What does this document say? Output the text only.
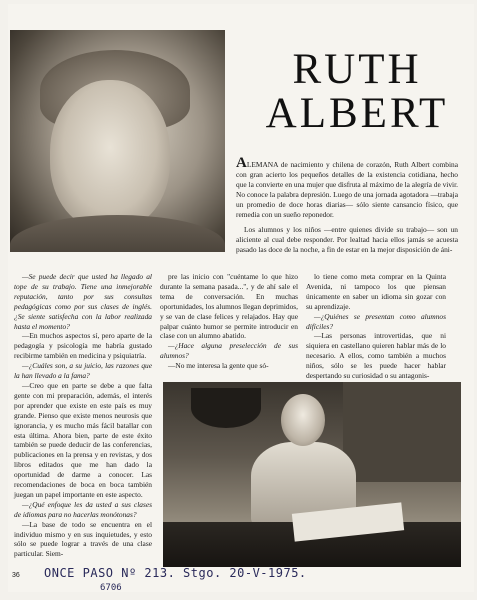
RUTH
ALBERT

ALEMANA de nacimiento y chilena de corazón, Ruth Albert combina con gran acierto los pequeños detalles de la existencia cotidiana, hecho que la convierte en una mujer que disfruta al máximo de la alegría de vivir. No conoce la palabra depresión. Luego de una jornada agotadora —trabaja un promedio de doce horas diarias— sólo siente cansancio físico, que remedia con un sueño reponedor.

Los alumnos y los niños —entre quienes divide su trabajo— son un aliciente al cual debe responder. Por lealtad hacia ellos jamás se acuesta pasado las doce de la noche, a fin de estar en la mejor disposición de áni-

—Se puede decir que usted ha llegado al tope de su trabajo. Tiene una inmejorable reputación, tanto por sus consultas pedagógicas como por sus clases de inglés. ¿Se siente satisfecha con la labor realizada hasta el momento?

—En muchos aspectos sí, pero aparte de la pedagogía y psicología me habría gustado recibirme también en medicina y psiquiatría.

—¿Cuáles son, a su juicio, las razones que la han llevado a la fama?

—Creo que en parte se debe a que falta gente con mi preparación, además, el interés por aprender que existe en este país es muy grande. Pienso que existe menos neurosis que ignorancia, y es mucho más fácil batallar con esta última. Ahora bien, parte de este éxito también se puede deducir de las conferencias, publicaciones en la prensa y en revistas, y dos libros editados que me han dado la oportunidad de darme a conocer. Las recomendaciones de boca en boca también juegan un papel importante en este aspecto.

—¿Qué enfoque les da usted a sus clases de idiomas para no hacerlas monótonas?

—La base de todo se encuentra en el individuo mismo y en sus inquietudes, y esto sólo se puede lograr a través de una clase particular. Siem-

pre las inicio con "cuéntame lo que hizo durante la semana pasada...", y de ahí sale el tema de conversación. En muchas oportunidades, los alumnos llegan deprimidos, y se van de clase felices y relajados. Hay que palpar cuánto humor se permite introducir en clase con un alumno abatido.

—¿Hace alguna preselección de sus alumnos?

—No me interesa la gente que só-

lo tiene como meta comprar en la Quinta Avenida, ni tampoco los que piensan únicamente en saber un idioma sin gozar con su aprendizaje.

—¿Quiénes se presentan como alumnos difíciles?

—Las personas introvertidas, que ni siquiera en castellano quieren hablar más de lo necesario. A ellos, como también a muchos niños, sólo se les puede hacer hablar despertando su curiosidad o su antagonis-

36 ONCE PASO Nº 213. Stgo. 20-V-1975.
6706
